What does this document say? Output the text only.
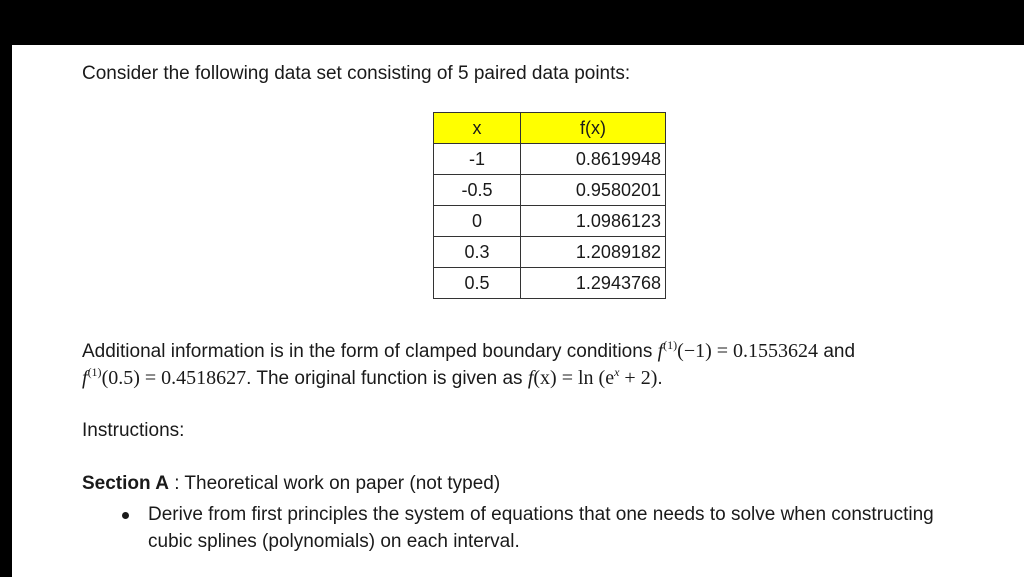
Consider the following data set consisting of 5 paired data points:

x	f(x)
-1	0.8619948
-0.5	0.9580201
0	1.0986123
0.3	1.2089182
0.5	1.2943768

Additional information is in the form of clamped boundary conditions $f^{(1)}(-1) = 0.1553624$ and
$f^{(1)}(0.5) = 0.4518627$. The original function is given as $f(x) = \ln (e^x + 2)$.

Instructions:

Section A : Theoretical work on paper (not typed)

Derive from first principles the system of equations that one needs to solve when constructing cubic splines (polynomials) on each interval.
